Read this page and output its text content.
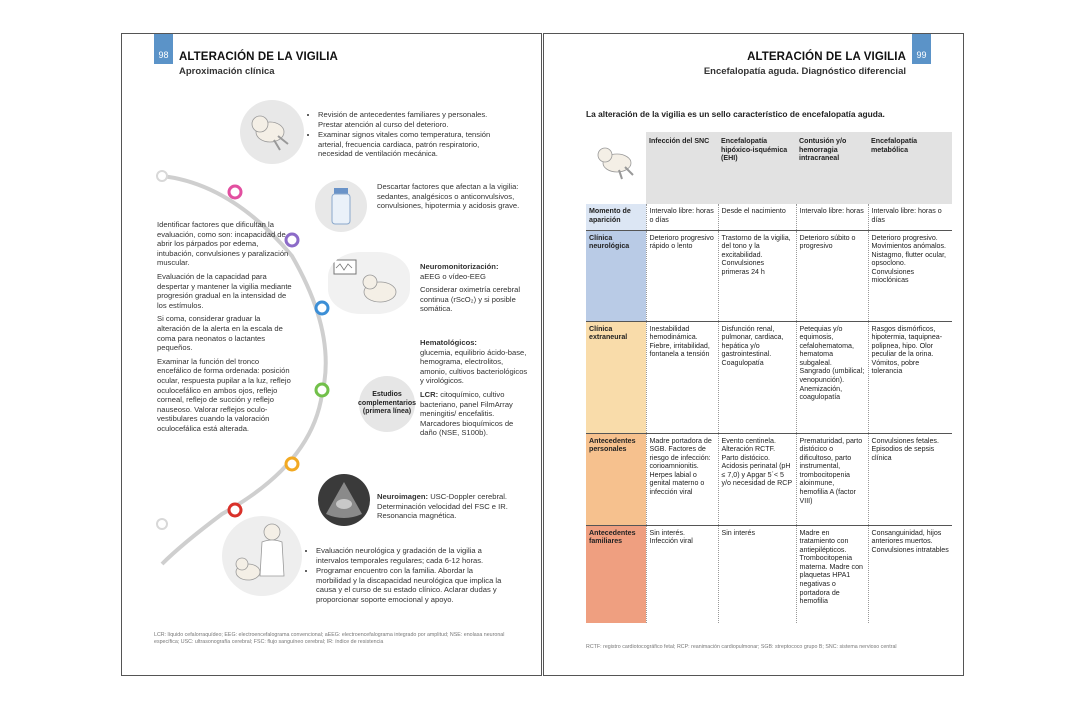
98 ALTERACIÓN DE LA VIGILIA
Aproximación clínica
• Revisión de antecedentes familiares y personales. Prestar atención al curso del deterioro.
• Examinar signos vitales como temperatura, tensión arterial, frecuencia cardiaca, patrón respiratorio, necesidad de ventilación mecánica.
Descartar factores que afectan a la vigilia: sedantes, analgésicos o anticonvulsivos, convulsiones, hipotermia y acidosis grave.
Identificar factores que dificultan la evaluación, como son: incapacidad de abrir los párpados por edema, intubación, convulsiones y paralización muscular.
Evaluación de la capacidad para despertar y mantener la vigilia mediante progresión gradual en la intensidad de los estímulos.
Si coma, considerar graduar la alteración de la alerta en la escala de coma para neonatos o lactantes pequeños.
Examinar la función del tronco encefálico de forma ordenada: posición ocular, respuesta pupilar a la luz, reflejo oculocefálico en ambos ojos, reflejo corneal, reflejo de succión y reflejo nauseoso. Valorar reflejos oculo-vestibulares cuando la valoración oculocefálica está alterada.
Neuromonitorización:
aEEG o vídeo-EEG
Considerar oximetría cerebral continua (rScO₂) y si posible somática.
Hematológicos:
glucemia, equilibrio ácido-base, hemograma, electrolitos, amonio, cultivos bacteriológicos y virológicos.
LCR: citoquímico, cultivo bacteriano, panel FilmArray meningitis/ encefalitis. Marcadores bioquímicos de daño (NSE, S100b).
Estudios complementarios (primera línea)
Neuroimagen: USC-Doppler cerebral. Determinación velocidad del FSC e IR. Resonancia magnética.
• Evaluación neurológica y gradación de la vigilia a intervalos temporales regulares; cada 6-12 horas.
• Programar encuentro con la familia. Abordar la morbilidad y la discapacidad neurológica que implica la causa y el curso de su estado clínico. Aclarar dudas y proporcionar soporte emocional y apoyo.
LCR: líquido cefalorraquídeo; EEG: electroencefalograma convencional; aEEG: electroencefalograma integrado por amplitud; NSE: enolasa neuronal específica; USC: ultrasonografía cerebral; FSC: flujo sanguíneo cerebral; IR: índice de resistencia
99
ALTERACIÓN DE LA VIGILIA
Encefalopatía aguda. Diagnóstico diferencial
La alteración de la vigilia es un sello característico de encefalopatía aguda.
	Infección del SNC	Encefalopatía hipóxico-isquémica (EHI)	Contusión y/o hemorragia intracraneal	Encefalopatía metabólica
Momento de aparición	Intervalo libre: horas o días	Desde el nacimiento	Intervalo libre: horas	Intervalo libre: horas o días
Clínica neurológica	Deterioro progresivo rápido o lento	Trastorno de la vigilia, del tono y la excitabilidad. Convulsiones primeras 24 h	Deterioro súbito o progresivo	Deterioro progresivo. Movimientos anómalos. Nistagmo, flutter ocular, opsoclono. Convulsiones mioclónicas
Clínica extraneural	Inestabilidad hemodinámica. Fiebre, irritabilidad, fontanela a tensión	Disfunción renal, pulmonar, cardiaca, hepática y/o gastrointestinal. Coagulopatía	Petequias y/o equimosis, cefalohematoma, hematoma subgaleal. Sangrado (umbilical; venopunción). Anemización, coagulopatía	Rasgos dismórficos, hipotermia, taquipnea-polipnea, hipo. Olor peculiar de la orina. Vómitos, pobre tolerancia
Antecedentes personales	Madre portadora de SGB. Factores de riesgo de infección: corioamnionitis. Herpes labial o genital materno o infección viral	Evento centinela. Alteración RCTF. Parto distócico. Acidosis perinatal (pH ≤ 7,0) y Apgar 5´< 5 y/o necesidad de RCP	Prematuridad, parto distócico o dificultoso, parto instrumental, trombocitopenia aloinmune, hemofilia A (factor VIII)	Convulsiones fetales. Episodios de sepsis clínica
Antecedentes familiares	Sin interés. Infección viral	Sin interés	Madre en tratamiento con antiepilépticos. Trombocitopenia materna. Madre con plaquetas HPA1 negativas o portadora de hemofilia	Consanguinidad, hijos anteriores muertos. Convulsiones intratables
RCTF: registro cardiotocográfico fetal; RCP: reanimación cardiopulmonar; SGB: streptococo grupo B; SNC: sistema nervioso central
